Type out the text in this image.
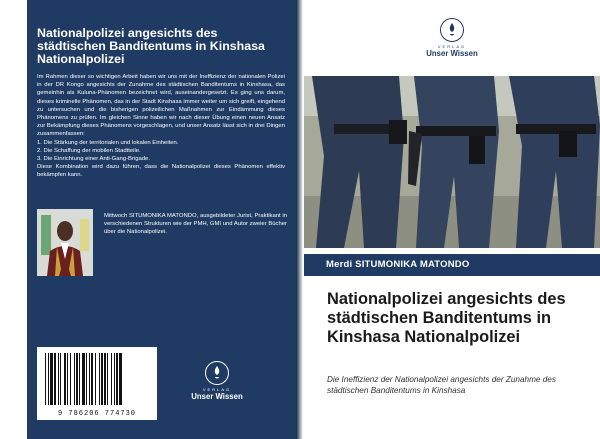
Nationalpolizei angesichts des städtischen Banditentums in Kinshasa Nationalpolizei
Im Rahmen dieser so wichtigen Arbeit haben wir uns mit der Ineffizienz der nationalen Polizei in der DR Kongo angesichts der Zunahme des städtischen Banditentums in Kinshasa, das gemeinhin als Kuluna-Phänomen bezeichnet wird, auseinandergesetzt. Es ging uns darum, dieses kriminelle Phänomen, das in der Stadt Kinshasa immer weiter um sich greift, eingehend zu untersuchen und die bisherigen polizeilichen Maßnahmen zur Eindämmung dieses Phänomens zu prüfen. Im gleichen Sinne haben wir nach dieser Übung einen neuen Ansatz zur Bekämpfung dieses Phänomens vorgeschlagen, und unser Ansatz lässt sich in drei Dingen zusammenfassen:
1. Die Stärkung der territorialen und lokalen Einheiten.
2. Die Schaffung der mobilen Stadtteile.
3. Die Einrichtung einer Anti-Gang-Brigade.
Diese Kombination wird dazu führen, dass die Nationalpolizei dieses Phänomen effektiv bekämpfen kann.
Mittwoch SITUMONIKA MATONDO, ausgebildeter Jurist, Praktikant in verschiedenen Strukturen wie der PMH, GMI und Autor zweier Bücher über die Nationalpolizei.
9 786206 774730
VERLAG
Unser Wissen
VERLAG
Unser Wissen
Merdi SITUMONIKA MATONDO
Nationalpolizei angesichts des städtischen Banditentums in Kinshasa Nationalpolizei
Die Ineffizienz der Nationalpolizei angesichts der Zunahme des städtischen Banditentums in Kinshasa
